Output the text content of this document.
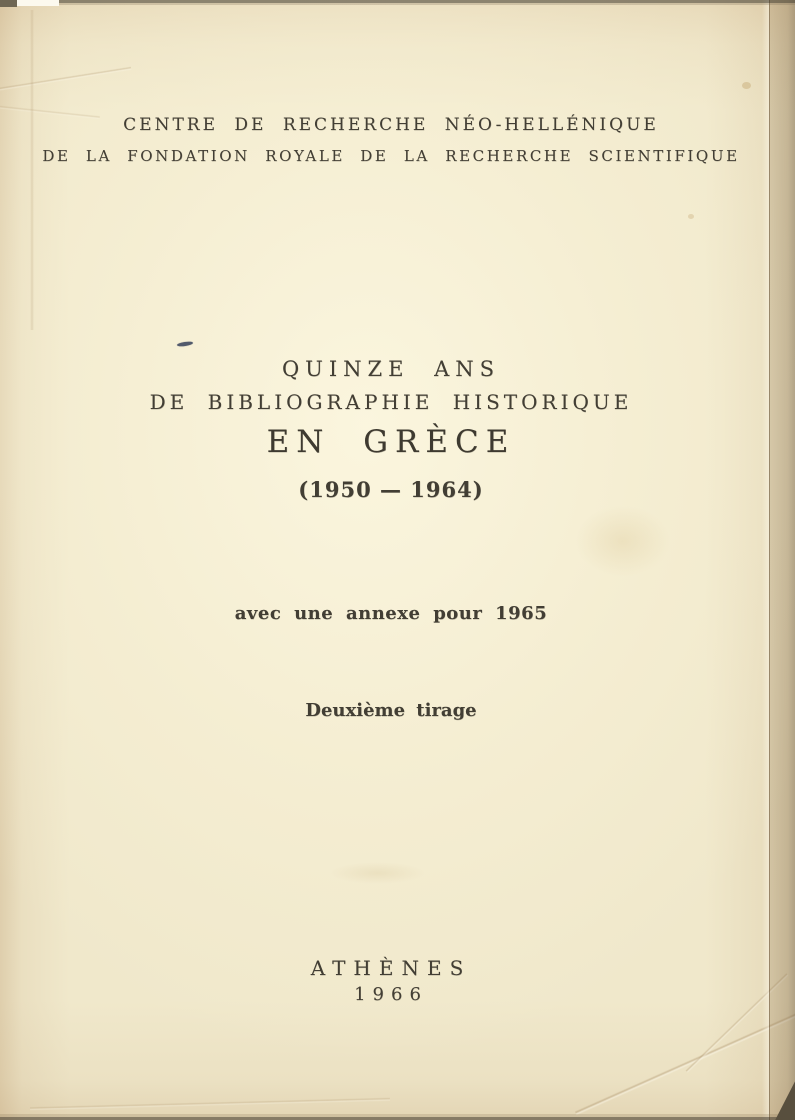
CENTRE DE RECHERCHE NÉO-HELLÉNIQUE
DE LA FONDATION ROYALE DE LA RECHERCHE SCIENTIFIQUE
QUINZE ANS
DE BIBLIOGRAPHIE HISTORIQUE
EN GRÈCE
(1950 — 1964)
avec une annexe pour 1965
Deuxième tirage
ATHÈNES
1966
